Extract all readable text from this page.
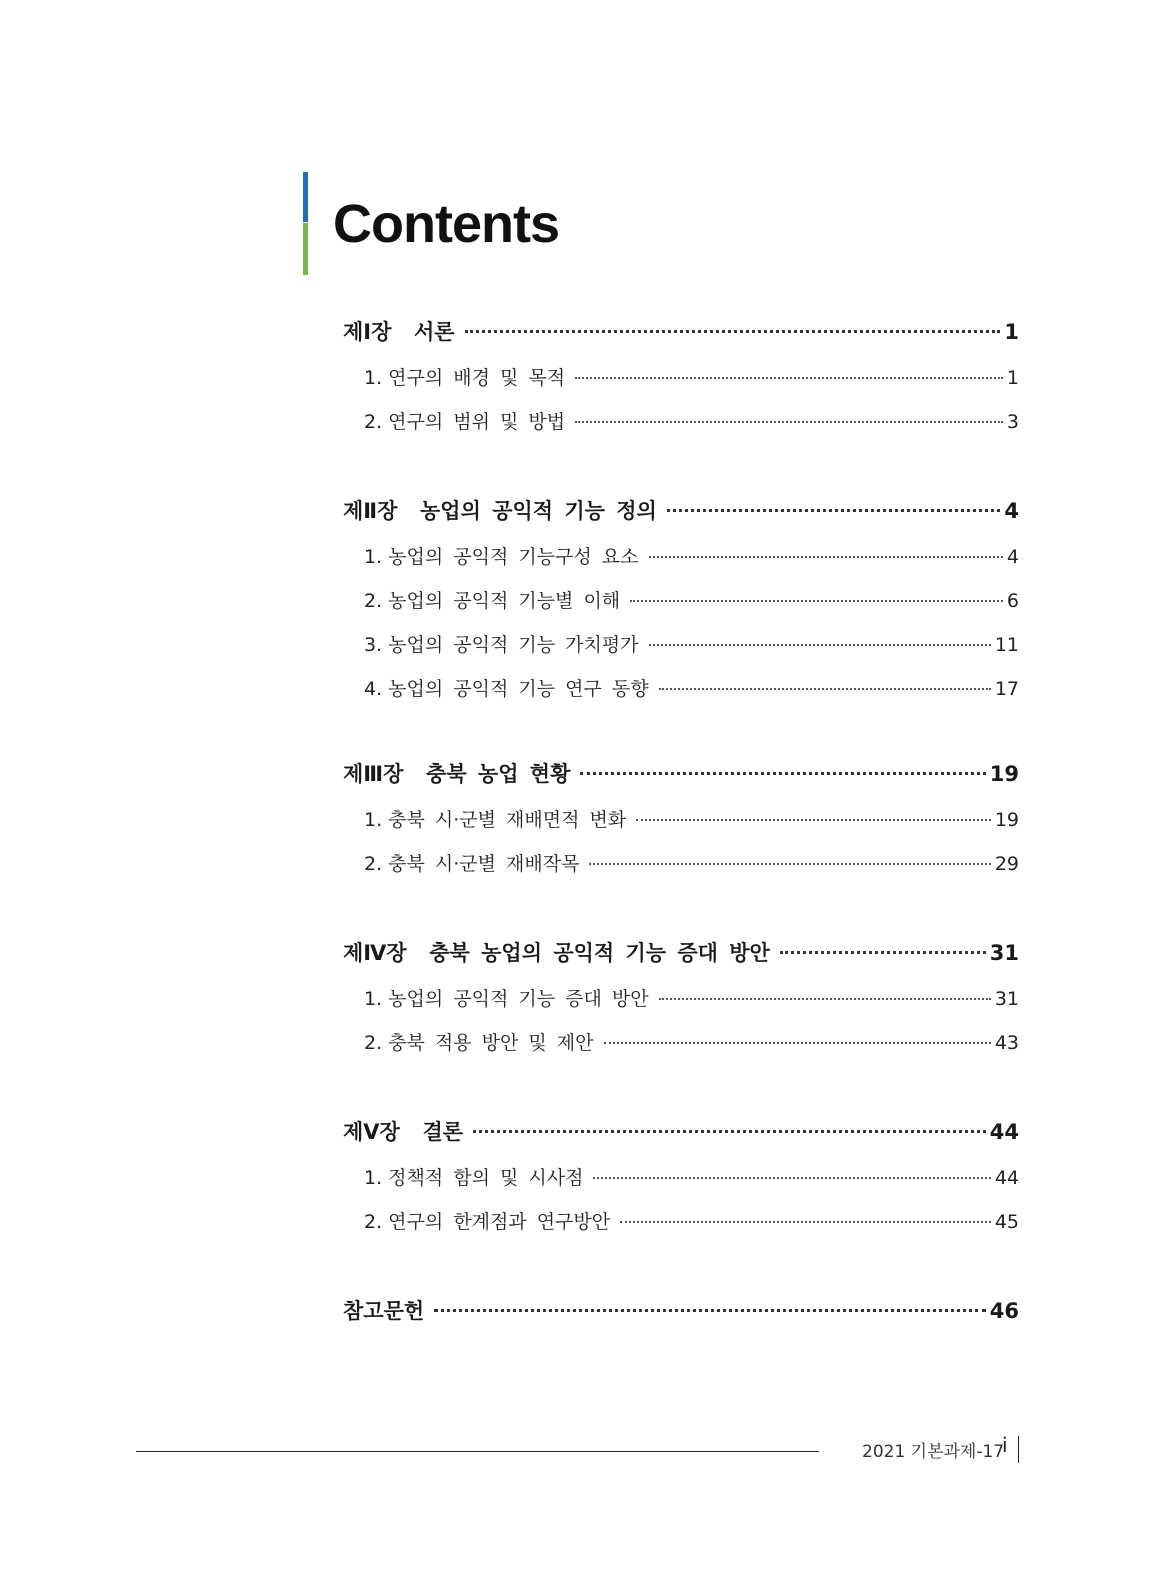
Contents
제Ⅰ장  서론	1
1. 연구의 배경 및 목적	1
2. 연구의 범위 및 방법	3
제Ⅱ장  농업의 공익적 기능 정의	4
1. 농업의 공익적 기능구성 요소	4
2. 농업의 공익적 기능별 이해	6
3. 농업의 공익적 기능 가치평가	11
4. 농업의 공익적 기능 연구 동향	17
제Ⅲ장  충북 농업 현황	19
1. 충북 시·군별 재배면적 변화	19
2. 충북 시·군별 재배작목	29
제Ⅳ장  충북 농업의 공익적 기능 증대 방안	31
1. 농업의 공익적 기능 증대 방안	31
2. 충북 적용 방안 및 제안	43
제Ⅴ장  결론	44
1. 정책적 함의 및 시사점	44
2. 연구의 한계점과 연구방안	45
참고문헌	46
2021 기본과제-17
i
